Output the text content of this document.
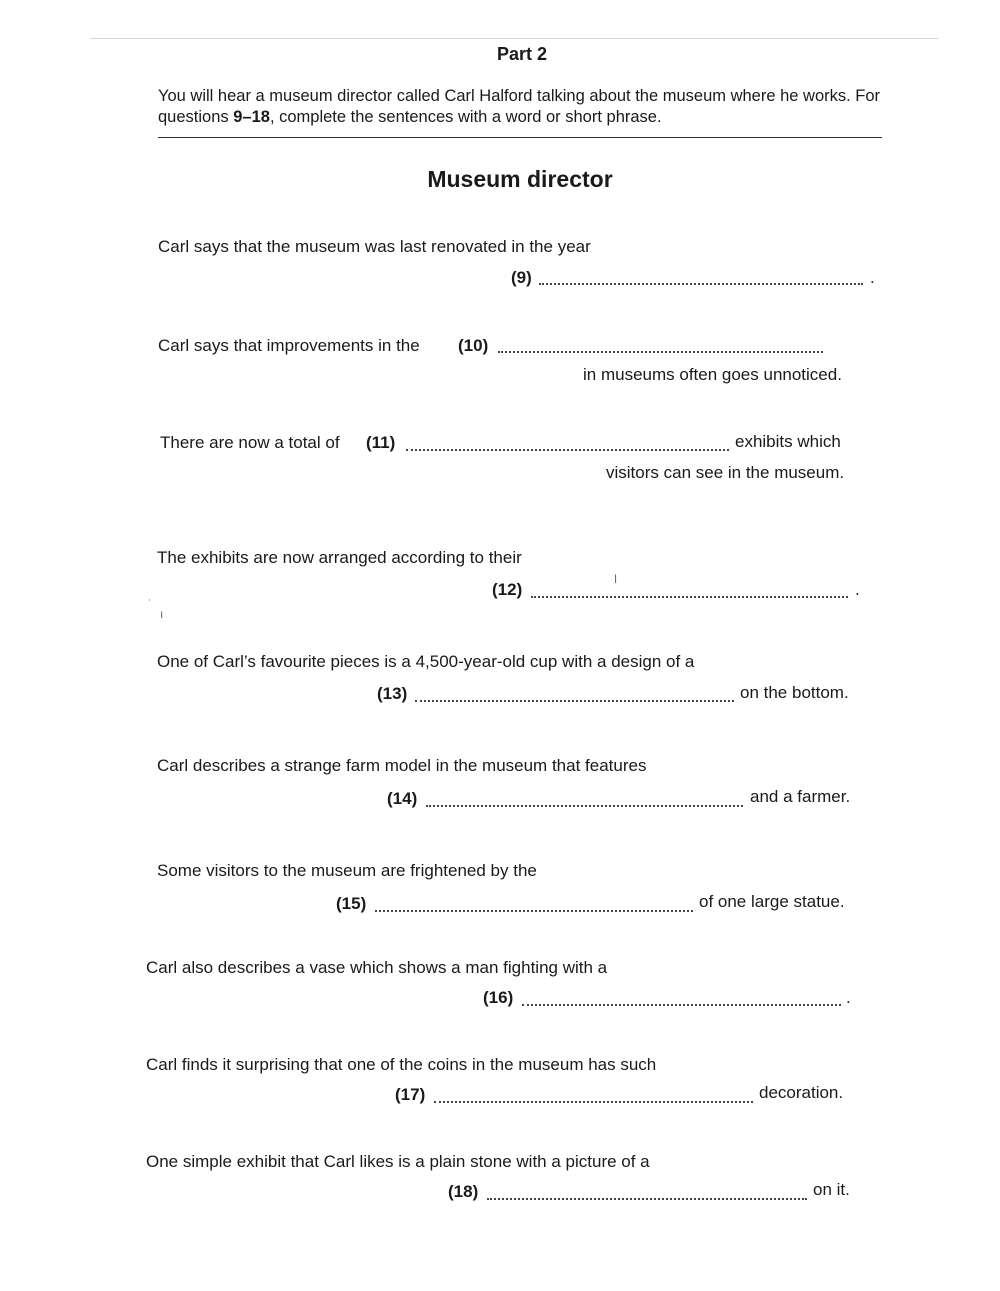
Part 2
You will hear a museum director called Carl Halford talking about the museum where he works. For questions 9–18, complete the sentences with a word or short phrase.
Museum director
Carl says that the museum was last renovated in the year
(9)	.
Carl says that improvements in the (10)
in museums often goes unnoticed.
There are now a total of (11)	exhibits which
visitors can see in the museum.
The exhibits are now arranged according to their
(12)	.
ǀ
˙
ı
One of Carl’s favourite pieces is a 4,500-year-old cup with a design of a
(13)	on the bottom.
Carl describes a strange farm model in the museum that features
(14)	and a farmer.
Some visitors to the museum are frightened by the
(15)	of one large statue.
Carl also describes a vase which shows a man fighting with a
(16)	.
Carl finds it surprising that one of the coins in the museum has such
(17)	decoration.
One simple exhibit that Carl likes is a plain stone with a picture of a
(18)	on it.
